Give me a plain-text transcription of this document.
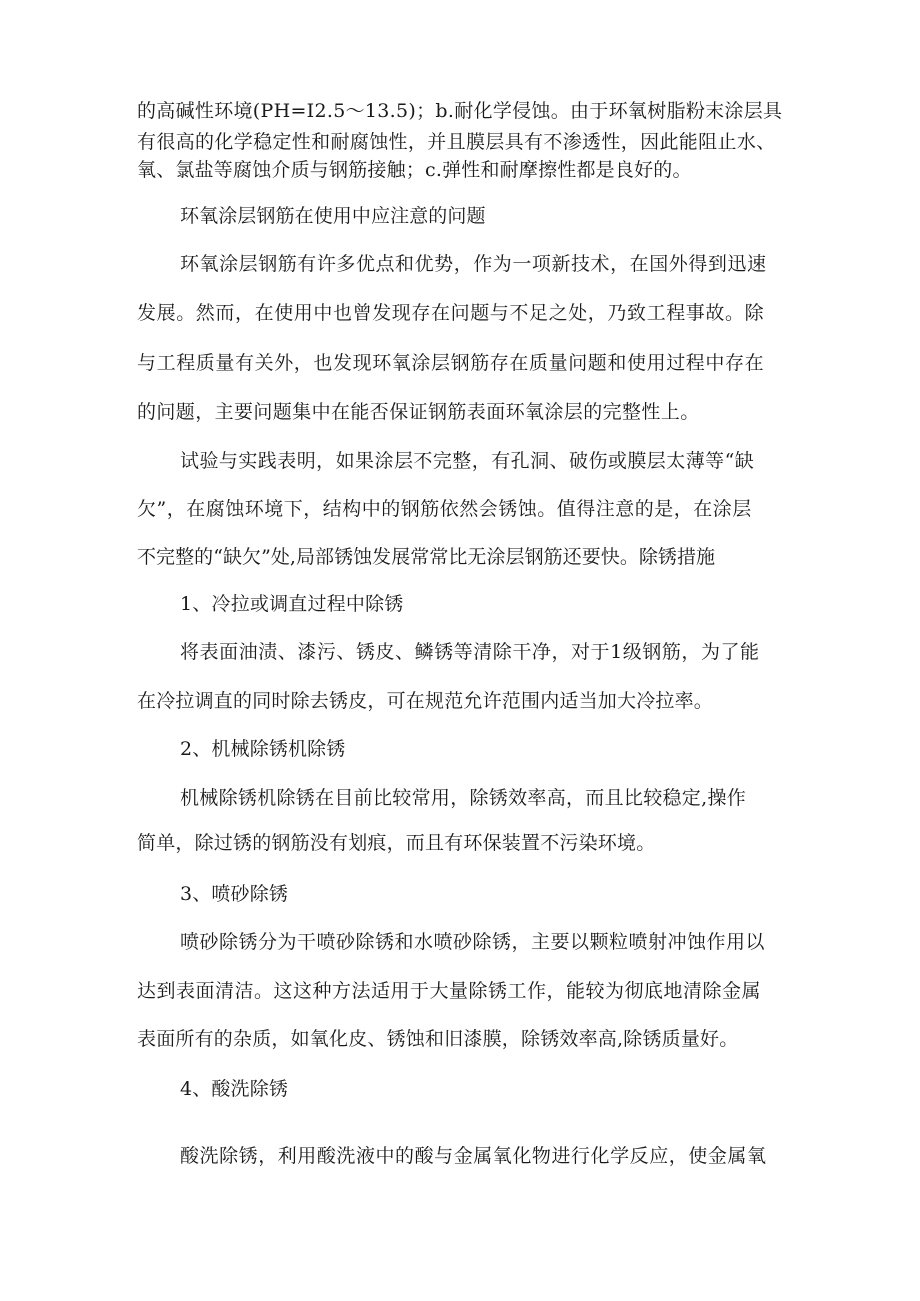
的高碱性环境(PH=I2.5～13.5)；b.耐化学侵蚀。由于环氧树脂粉末涂层具

有很高的化学稳定性和耐腐蚀性，并且膜层具有不渗透性，因此能阻止水、

氧、氯盐等腐蚀介质与钢筋接触；c.弹性和耐摩擦性都是良好的。

环氧涂层钢筋在使用中应注意的问题

环氧涂层钢筋有许多优点和优势，作为一项新技术，在国外得到迅速

发展。然而，在使用中也曾发现存在问题与不足之处，乃致工程事故。除

与工程质量有关外，也发现环氧涂层钢筋存在质量问题和使用过程中存在

的问题，主要问题集中在能否保证钢筋表面环氧涂层的完整性上。

试验与实践表明，如果涂层不完整，有孔洞、破伤或膜层太薄等“缺

欠”，在腐蚀环境下，结构中的钢筋依然会锈蚀。值得注意的是，在涂层

不完整的“缺欠”处,局部锈蚀发展常常比无涂层钢筋还要快。除锈措施

1、冷拉或调直过程中除锈

将表面油渍、漆污、锈皮、鳞锈等清除干净，对于1级钢筋，为了能

在冷拉调直的同时除去锈皮，可在规范允许范围内适当加大冷拉率。

2、机械除锈机除锈

机械除锈机除锈在目前比较常用，除锈效率高，而且比较稳定,操作

简单，除过锈的钢筋没有划痕，而且有环保装置不污染环境。

3、喷砂除锈

喷砂除锈分为干喷砂除锈和水喷砂除锈，主要以颗粒喷射冲蚀作用以

达到表面清洁。这这种方法适用于大量除锈工作，能较为彻底地清除金属

表面所有的杂质，如氧化皮、锈蚀和旧漆膜，除锈效率高,除锈质量好。

4、酸洗除锈

酸洗除锈，利用酸洗液中的酸与金属氧化物进行化学反应，使金属氧
